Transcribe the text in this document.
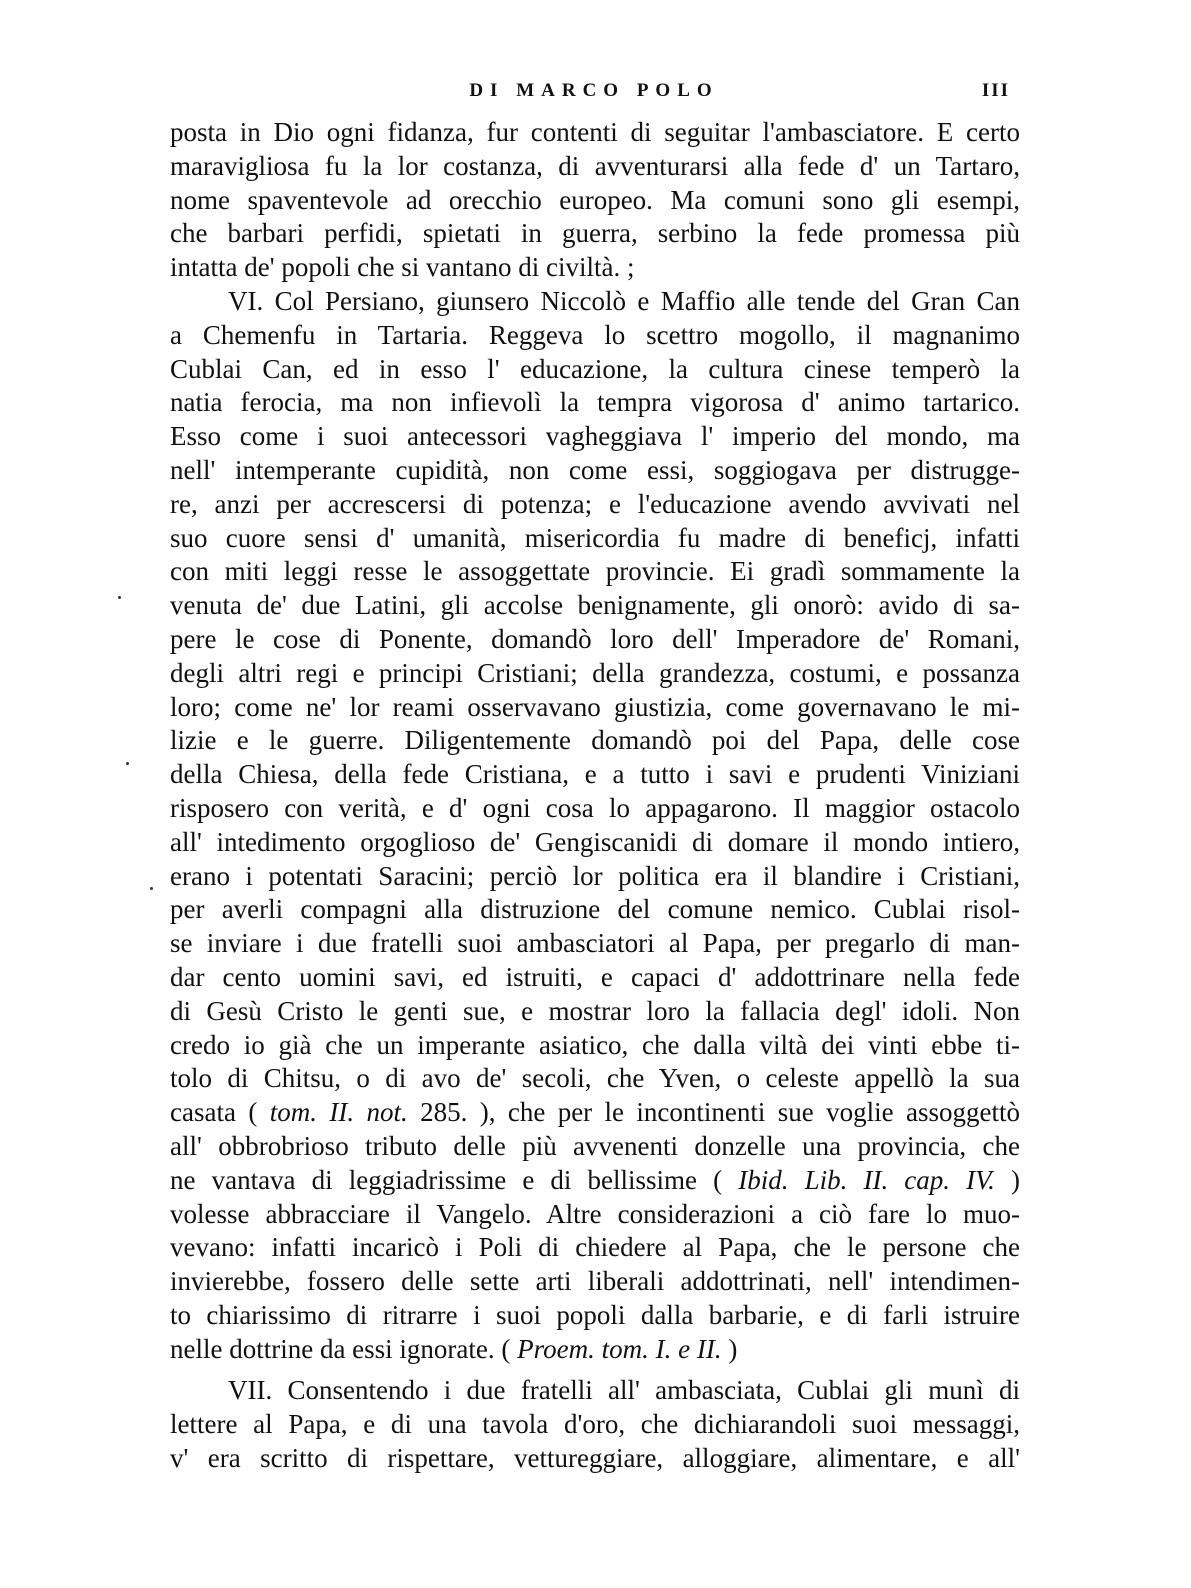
DI MARCO POLO	III
posta in Dio ogni fidanza, fur contenti di seguitar l'ambasciatore. E certo
maravigliosa fu la lor costanza, di avventurarsi alla fede d' un Tartaro,
nome spaventevole ad orecchio europeo. Ma comuni sono gli esempi,
che barbari perfidi, spietati in guerra, serbino la fede promessa più
intatta de' popoli che si vantano di civiltà. ;
VI. Col Persiano, giunsero Niccolò e Maffio alle tende del Gran Can
a Chemenfu in Tartaria. Reggeva lo scettro mogollo, il magnanimo
Cublai Can, ed in esso l' educazione, la cultura cinese temperò la
natia ferocia, ma non infievolì la tempra vigorosa d' animo tartarico.
Esso come i suoi antecessori vagheggiava l' imperio del mondo, ma
nell' intemperante cupidità, non come essi, soggiogava per distrugge-
re, anzi per accrescersi di potenza; e l'educazione avendo avvivati nel
suo cuore sensi d' umanità, misericordia fu madre di beneficj, infatti
con miti leggi resse le assoggettate provincie. Ei gradì sommamente la
venuta de' due Latini, gli accolse benignamente, gli onorò: avido di sa-
pere le cose di Ponente, domandò loro dell' Imperadore de' Romani,
degli altri regi e principi Cristiani; della grandezza, costumi, e possanza
loro; come ne' lor reami osservavano giustizia, come governavano le mi-
lizie e le guerre. Diligentemente domandò poi del Papa, delle cose
della Chiesa, della fede Cristiana, e a tutto i savi e prudenti Viniziani
risposero con verità, e d' ogni cosa lo appagarono. Il maggior ostacolo
all' intedimento orgoglioso de' Gengiscanidi di domare il mondo intiero,
erano i potentati Saracini; perciò lor politica era il blandire i Cristiani,
per averli compagni alla distruzione del comune nemico. Cublai risol-
se inviare i due fratelli suoi ambasciatori al Papa, per pregarlo di man-
dar cento uomini savi, ed istruiti, e capaci d' addottrinare nella fede
di Gesù Cristo le genti sue, e mostrar loro la fallacia degl' idoli. Non
credo io già che un imperante asiatico, che dalla viltà dei vinti ebbe ti-
tolo di Chitsu, o di avo de' secoli, che Yven, o celeste appellò la sua
casata ( tom. II. not. 285. ), che per le incontinenti sue voglie assoggettò
all' obbrobrioso tributo delle più avvenenti donzelle una provincia, che
ne vantava di leggiadrissime e di bellissime ( Ibid. Lib. II. cap. IV. )
volesse abbracciare il Vangelo. Altre considerazioni a ciò fare lo muo-
vevano: infatti incaricò i Poli di chiedere al Papa, che le persone che
invierebbe, fossero delle sette arti liberali addottrinati, nell' intendimen-
to chiarissimo di ritrarre i suoi popoli dalla barbarie, e di farli istruire
nelle dottrine da essi ignorate. ( Proem. tom. I. e II. )
VII. Consentendo i due fratelli all' ambasciata, Cublai gli munì di
lettere al Papa, e di una tavola d'oro, che dichiarandoli suoi messaggi,
v' era scritto di rispettare, vettureggiare, alloggiare, alimentare, e all'
